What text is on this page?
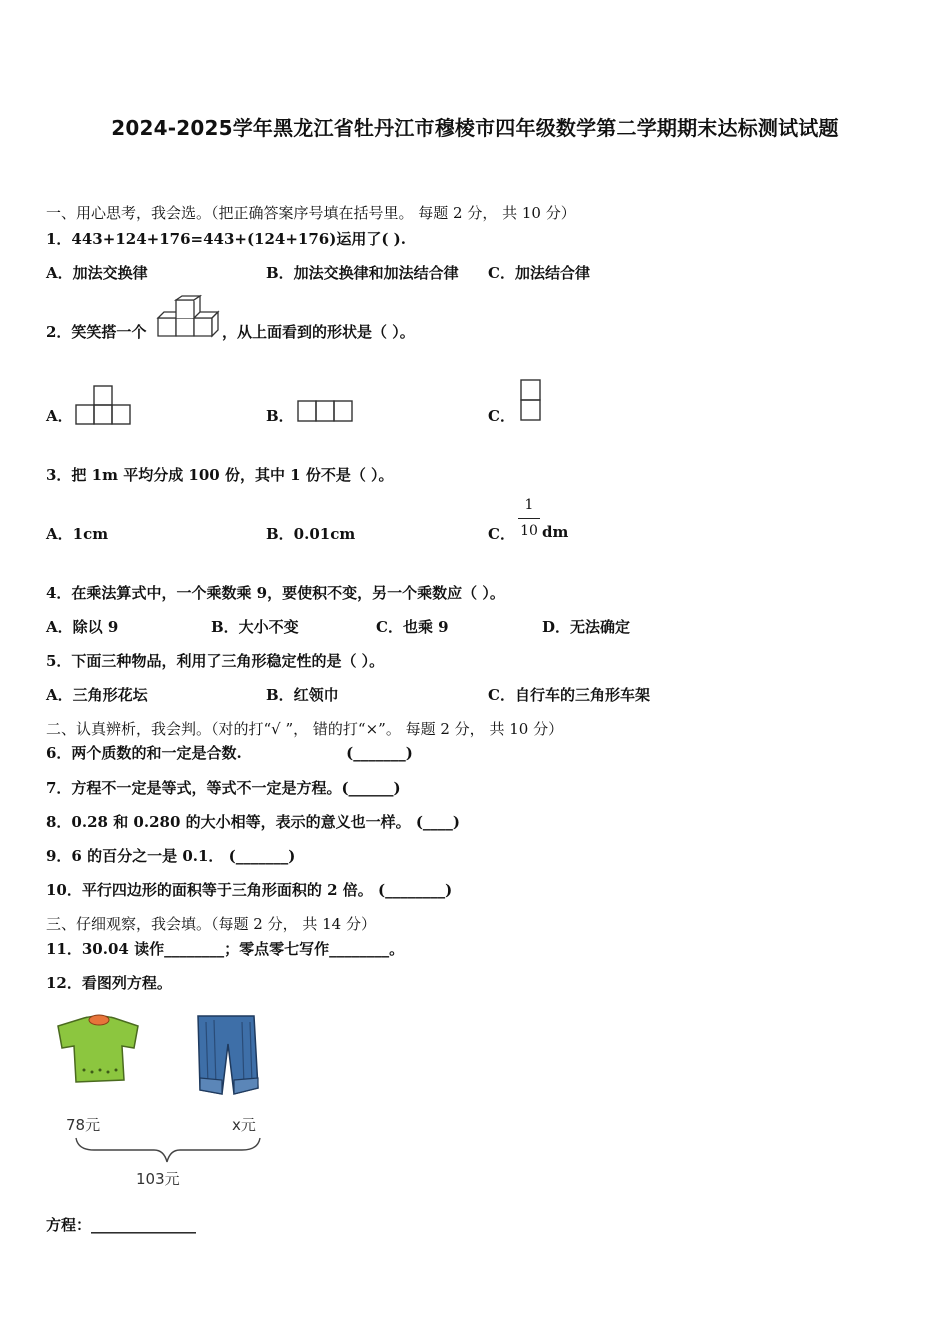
2024-2025学年黑龙江省牡丹江市穆棱市四年级数学第二学期期末达标测试试题
一、用心思考，我会选。（把正确答案序号填在括号里。 每题 2 分， 共 10 分）
1．443+124+176=443+(124+176)运用了( ).
A．加法交换律	B．加法交换律和加法结合律 C．加法结合律
2．笑笑搭一个	，从上面看到的形状是（ ）。
A．	B．	C．
3．把 1m 平均分成 100 份，其中 1 份不是（ ）。
A．1cm	B．0.01cm	C．
1
10 dm
4．在乘法算式中，一个乘数乘 9，要使积不变，另一个乘数应（ ）。
A．除以 9	B．大小不变	C．也乘 9	D．无法确定
5．下面三种物品，利用了三角形稳定性的是（ ）。
A．三角形花坛	B．红领巾	C．自行车的三角形车架
二、认真辨析，我会判。（对的打“√ ”， 错的打“×”。 每题 2 分， 共 10 分）
6．两个质数的和一定是合数.                    (_______)
7．方程不一定是等式，等式不一定是方程。(______)
8．0.28 和 0.280 的大小相等，表示的意义也一样。 (____)
9．6 的百分之一是 0.1． (_______)
10．平行四边形的面积等于三角形面积的 2 倍。 (________)
三、仔细观察，我会填。（每题 2 分， 共 14 分）
11．30.04 读作________；零点零七写作________。
12．看图列方程。
78元	x元
103元
方程：______________
